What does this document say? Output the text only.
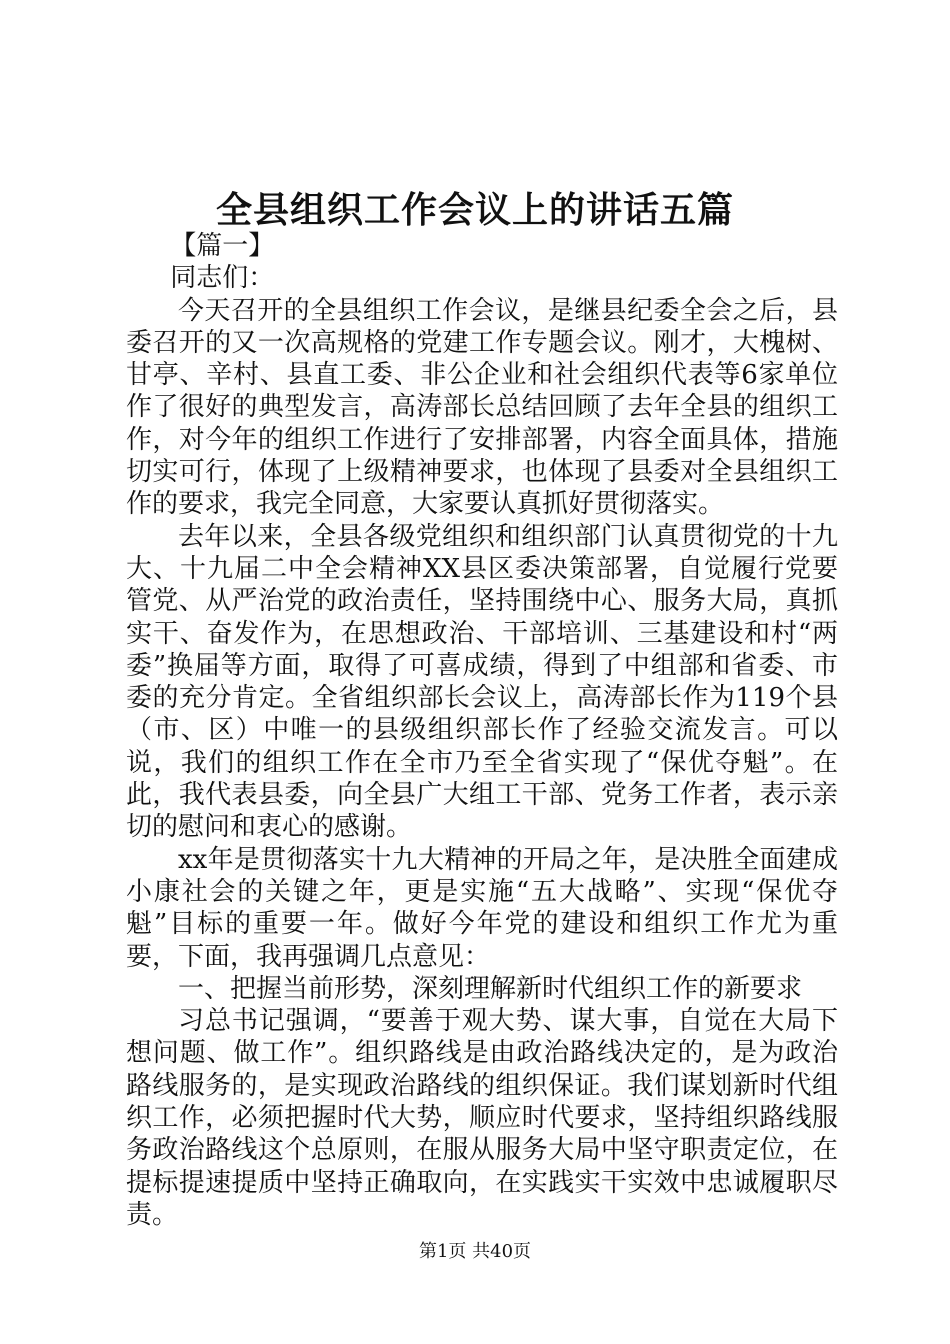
全县组织工作会议上的讲话五篇

【篇一】

同志们：

今天召开的全县组织工作会议，是继县纪委全会之后，县委召开的又一次高规格的党建工作专题会议。刚才，大槐树、甘亭、辛村、县直工委、非公企业和社会组织代表等6家单位作了很好的典型发言，高涛部长总结回顾了去年全县的组织工作，对今年的组织工作进行了安排部署，内容全面具体，措施切实可行，体现了上级精神要求，也体现了县委对全县组织工作的要求，我完全同意，大家要认真抓好贯彻落实。

去年以来，全县各级党组织和组织部门认真贯彻党的十九大、十九届二中全会精神XX县区委决策部署，自觉履行党要管党、从严治党的政治责任，坚持围绕中心、服务大局，真抓实干、奋发作为，在思想政治、干部培训、三基建设和村“两委”换届等方面，取得了可喜成绩，得到了中组部和省委、市委的充分肯定。全省组织部长会议上，高涛部长作为119个县（市、区）中唯一的县级组织部长作了经验交流发言。可以说，我们的组织工作在全市乃至全省实现了“保优夺魁”。在此，我代表县委，向全县广大组工干部、党务工作者，表示亲切的慰问和衷心的感谢。

xx年是贯彻落实十九大精神的开局之年，是决胜全面建成小康社会的关键之年，更是实施“五大战略”、实现“保优夺魁”目标的重要一年。做好今年党的建设和组织工作尤为重要，下面，我再强调几点意见：

一、把握当前形势，深刻理解新时代组织工作的新要求

习总书记强调，“要善于观大势、谋大事，自觉在大局下想问题、做工作”。组织路线是由政治路线决定的，是为政治路线服务的，是实现政治路线的组织保证。我们谋划新时代组织工作，必须把握时代大势，顺应时代要求，坚持组织路线服务政治路线这个总原则，在服从服务大局中坚守职责定位，在提标提速提质中坚持正确取向，在实践实干实效中忠诚履职尽责。

第1页 共40页
